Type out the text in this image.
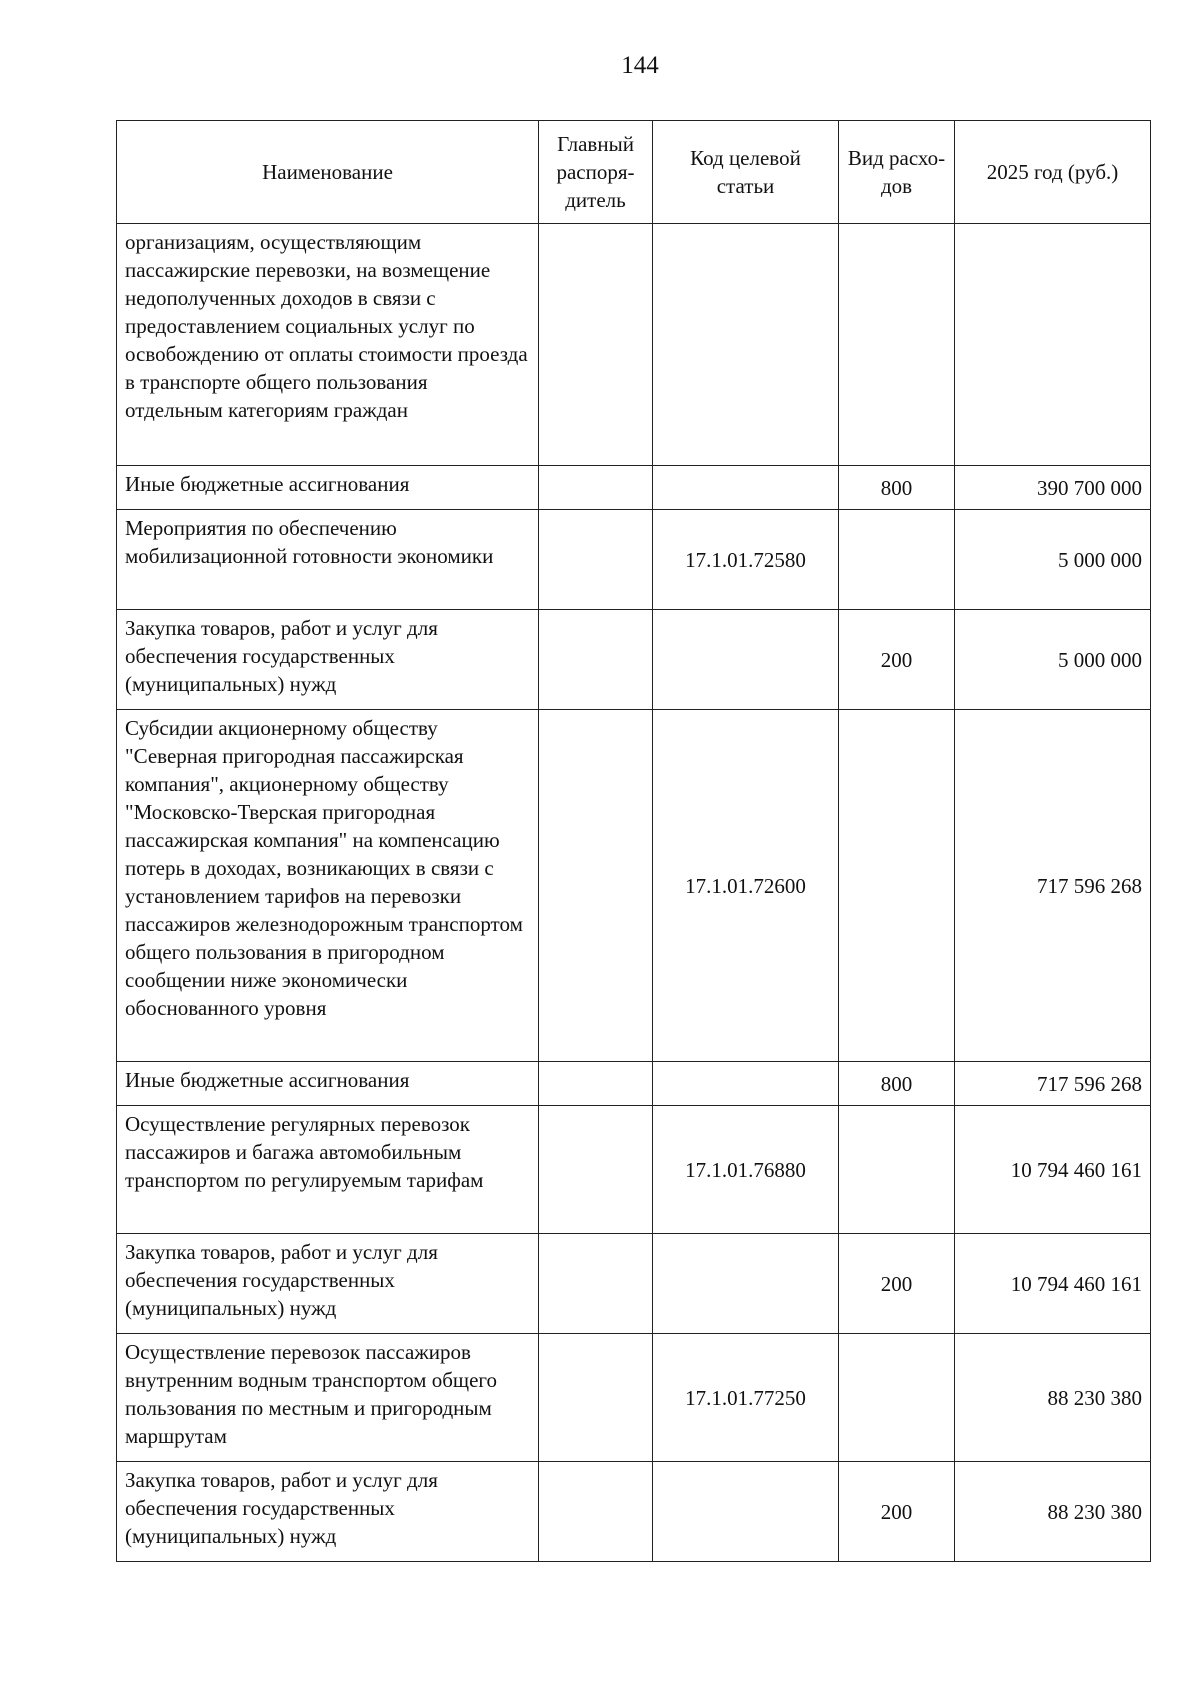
144
Наименование	Главный распоря-дитель	Код целевой статьи	Вид расхо-дов	2025 год (руб.)
организациям, осуществляющим пассажирские перевозки, на возмещение недополученных доходов в связи с предоставлением социальных услуг по освобождению от оплаты стоимости проезда в транспорте общего пользования отдельным категориям граждан				
Иные бюджетные ассигнования			800	390 700 000
Мероприятия по обеспечению мобилизационной готовности экономики		17.1.01.72580		5 000 000
Закупка товаров, работ и услуг для обеспечения государственных (муниципальных) нужд			200	5 000 000
Субсидии акционерному обществу "Северная пригородная пассажирская компания", акционерному обществу "Московско-Тверская пригородная пассажирская компания" на компенсацию потерь в доходах, возникающих в связи с установлением тарифов на перевозки пассажиров железнодорожным транспортом общего пользования в пригородном сообщении ниже экономически обоснованного уровня		17.1.01.72600		717 596 268
Иные бюджетные ассигнования			800	717 596 268
Осуществление регулярных перевозок пассажиров и багажа автомобильным транспортом по регулируемым тарифам		17.1.01.76880		10 794 460 161
Закупка товаров, работ и услуг для обеспечения государственных (муниципальных) нужд			200	10 794 460 161
Осуществление перевозок пассажиров внутренним водным транспортом общего пользования по местным и пригородным маршрутам		17.1.01.77250		88 230 380
Закупка товаров, работ и услуг для обеспечения государственных (муниципальных) нужд			200	88 230 380
